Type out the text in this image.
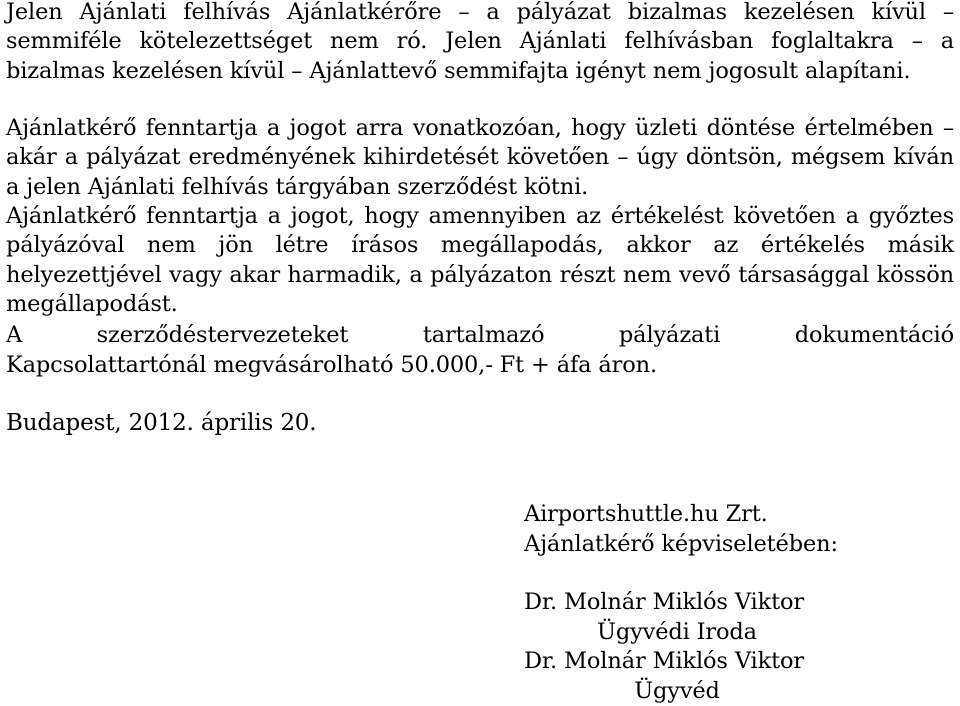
Jelen Ajánlati felhívás Ajánlatkérőre – a pályázat bizalmas kezelésen kívül – semmiféle kötelezettséget nem ró. Jelen Ajánlati felhívásban foglaltakra – a bizalmas kezelésen kívül – Ajánlattevő semmifajta igényt nem jogosult alapítani.

Ajánlatkérő fenntartja a jogot arra vonatkozóan, hogy üzleti döntése értelmében – akár a pályázat eredményének kihirdetését követően – úgy döntsön, mégsem kíván a jelen Ajánlati felhívás tárgyában szerződést kötni.

Ajánlatkérő fenntartja a jogot, hogy amennyiben az értékelést követően a győztes pályázóval nem jön létre írásos megállapodás, akkor az értékelés másik helyezettjével vagy akar harmadik, a pályázaton részt nem vevő társasággal kössön megállapodást.

A szerződéstervezeteket tartalmazó pályázati dokumentáció

Kapcsolattartónál megvásárolható 50.000,- Ft + áfa áron.

Budapest, 2012. április 20.

Airportshuttle.hu Zrt.
Ajánlatkérő képviseletében:
Dr. Molnár Miklós Viktor
Ügyvédi Iroda
Dr. Molnár Miklós Viktor
Ügyvéd
